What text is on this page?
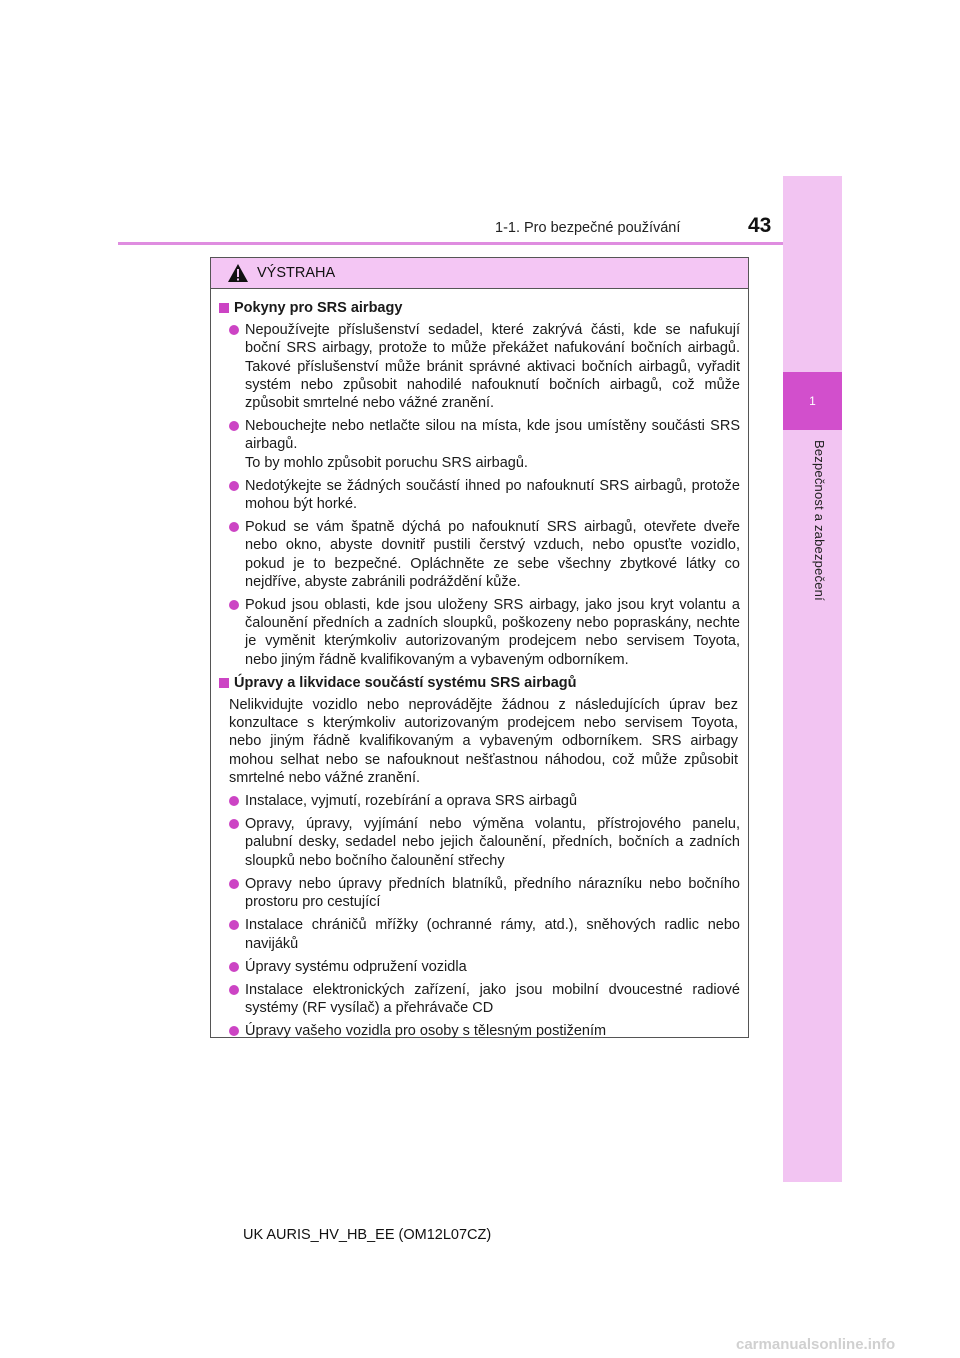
1
Bezpečnost a zabezpečení
1-1. Pro bezpečné používání	43
VÝSTRAHA
Pokyny pro SRS airbagy
Nepoužívejte příslušenství sedadel, které zakrývá části, kde se nafukují boční SRS airbagy, protože to může překážet nafukování bočních airbagů. Takové příslušenství může bránit správné aktivaci bočních airbagů, vyřadit systém nebo způsobit nahodilé nafouknutí bočních airbagů, což může způsobit smrtelné nebo vážné zranění.
Nebouchejte nebo netlačte silou na místa, kde jsou umístěny součásti SRS airbagů.
To by mohlo způsobit poruchu SRS airbagů.
Nedotýkejte se žádných součástí ihned po nafouknutí SRS airbagů, protože mohou být horké.
Pokud se vám špatně dýchá po nafouknutí SRS airbagů, otevřete dveře nebo okno, abyste dovnitř pustili čerstvý vzduch, nebo opusťte vozidlo, pokud je to bezpečné. Opláchněte ze sebe všechny zbytkové látky co nejdříve, abyste zabránili podráždění kůže.
Pokud jsou oblasti, kde jsou uloženy SRS airbagy, jako jsou kryt volantu a čalounění předních a zadních sloupků, poškozeny nebo popraskány, nechte je vyměnit kterýmkoliv autorizovaným prodejcem nebo servisem Toyota, nebo jiným řádně kvalifikovaným a vybaveným odborníkem.
Úpravy a likvidace součástí systému SRS airbagů
Nelikvidujte vozidlo nebo neprovádějte žádnou z následujících úprav bez konzultace s kterýmkoliv autorizovaným prodejcem nebo servisem Toyota, nebo jiným řádně kvalifikovaným a vybaveným odborníkem. SRS airbagy mohou selhat nebo se nafouknout nešťastnou náhodou, což může způsobit smrtelné nebo vážné zranění.
Instalace, vyjmutí, rozebírání a oprava SRS airbagů
Opravy, úpravy, vyjímání nebo výměna volantu, přístrojového panelu, palubní desky, sedadel nebo jejich čalounění, předních, bočních a zadních sloupků nebo bočního čalounění střechy
Opravy nebo úpravy předních blatníků, předního nárazníku nebo bočního prostoru pro cestující
Instalace chráničů mřížky (ochranné rámy, atd.), sněhových radlic nebo navijáků
Úpravy systému odpružení vozidla
Instalace elektronických zařízení, jako jsou mobilní dvoucestné radiové systémy (RF vysílač) a přehrávače CD
Úpravy vašeho vozidla pro osoby s tělesným postižením
UK AURIS_HV_HB_EE (OM12L07CZ)
carmanualsonline.info
